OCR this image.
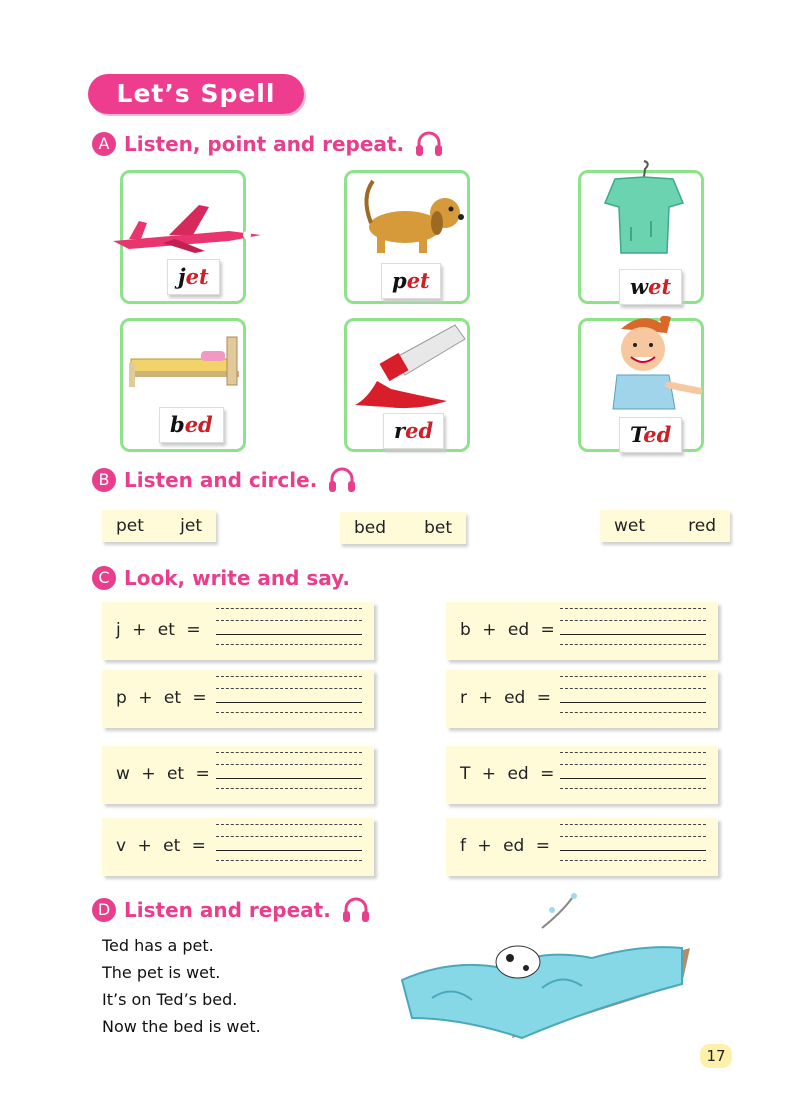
Let’s Spell
A Listen, point and repeat.
jet	pet	wet
bed	red	Ted
B Listen and circle.
pet jet	bed bet	wet	red
C Look, write and say.
j + et =	b + ed =
p + et =	r + ed =
w + et =	T + ed =
v + et =	f + ed =
D Listen and repeat.
Ted has a pet.
The pet is wet.
It’s on Ted’s bed.
Now the bed is wet.
17
